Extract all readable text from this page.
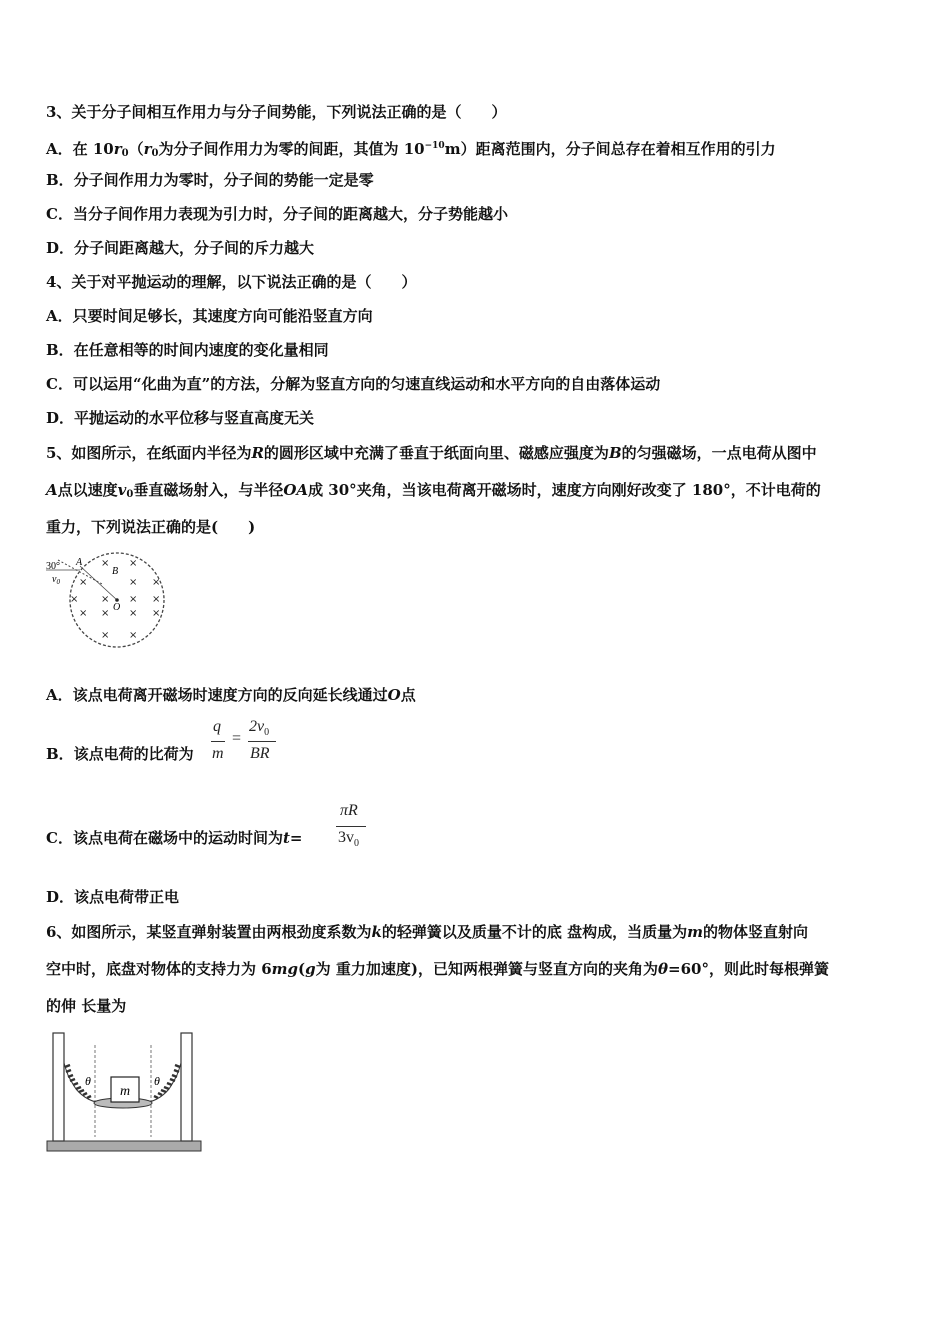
3、关于分子间相互作用力与分子间势能，下列说法正确的是（　　）
A．在 $10r_0(r_0$为分子间作用力为零的间距，其值为 $10^{-10}m$）距离范围内，分子间总存在着相互作用的引力
B．分子间作用力为零时，分子间的势能一定是零
C．当分子间作用力表现为引力时，分子间的距离越大，分子势能越小
D．分子间距离越大，分子间的斥力越大
4、关于对平抛运动的理解，以下说法正确的是（　　）
A．只要时间足够长，其速度方向可能沿竖直方向
B．在任意相等的时间内速度的变化量相同
C．可以运用“化曲为直”的方法，分解为竖直方向的匀速直线运动和水平方向的自由落体运动
D．平抛运动的水平位移与竖直高度无关
5、如图所示，在纸面内半径为R的圆形区域中充满了垂直于纸面向里、磁感应强度为B的匀强磁场，一点电荷从图中
A点以速度$v_0$垂直磁场射入，与半径OA成 30°夹角，当该电荷离开磁场时，速度方向刚好改变了 180°，不计电荷的
重力，下列说法正确的是(　　)
30° A
B
O
$v_0$
× ×
×	× ×
× × × ×
× × × ×
× ×
A．该点电荷离开磁场时速度方向的反向延长线通过O点
B．该点电荷的比荷为
q
m
=
$2v_0$
BR
C．该点电荷在磁场中的运动时间为t=
πR
$3v_0$
D．该点电荷带正电
6、如图所示，某竖直弹射装置由两根劲度系数为k的轻弹簧以及质量不计的底 盘构成，当质量为m的物体竖直射向
空中时，底盘对物体的支持力为 6mg(g为 重力加速度)，已知两根弹簧与竖直方向的夹角为θ=60°，则此时每根弹簧
的伸 长量为
m
θ	θ
